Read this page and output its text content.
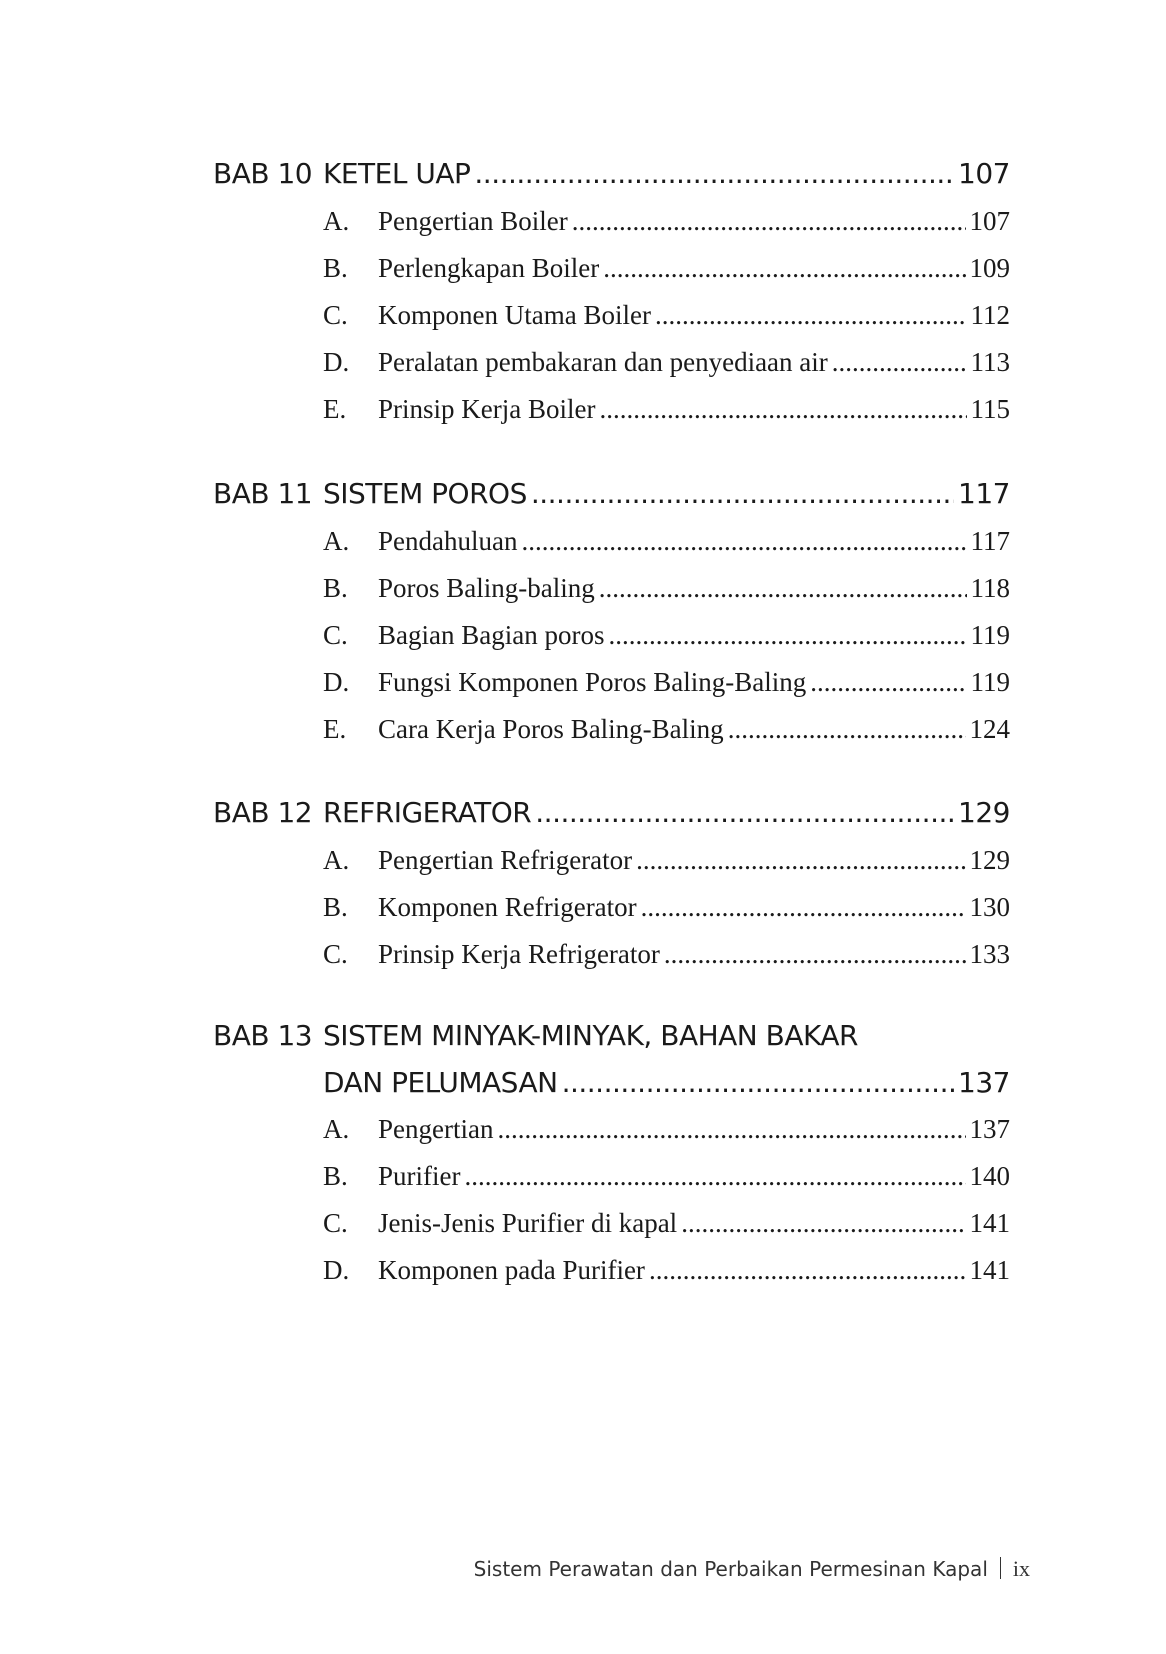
BAB 10 KETEL UAP .....	107
A.	Pengertian Boiler .....	107
B.	Perlengkapan Boiler .....	109
C.	Komponen Utama Boiler .....	112
D.	Peralatan pembakaran dan penyediaan air .....	113
E.	Prinsip Kerja Boiler .....	115
BAB 11 SISTEM POROS .....	117
A.	Pendahuluan .....	117
B.	Poros Baling-baling .....	118
C.	Bagian Bagian poros .....	119
D.	Fungsi Komponen Poros Baling-Baling .....	119
E.	Cara Kerja Poros Baling-Baling .....	124
BAB 12 REFRIGERATOR .....	129
A.	Pengertian Refrigerator .....	129
B.	Komponen Refrigerator .....	130
C.	Prinsip Kerja Refrigerator .....	133
BAB 13 SISTEM MINYAK-MINYAK, BAHAN BAKAR
DAN PELUMASAN .....	137
A.	Pengertian .....	137
B.	Purifier .....	140
C.	Jenis-Jenis Purifier di kapal .....	141
D.	Komponen pada Purifier .....	141
Sistem Perawatan dan Perbaikan Permesinan Kapal ix
